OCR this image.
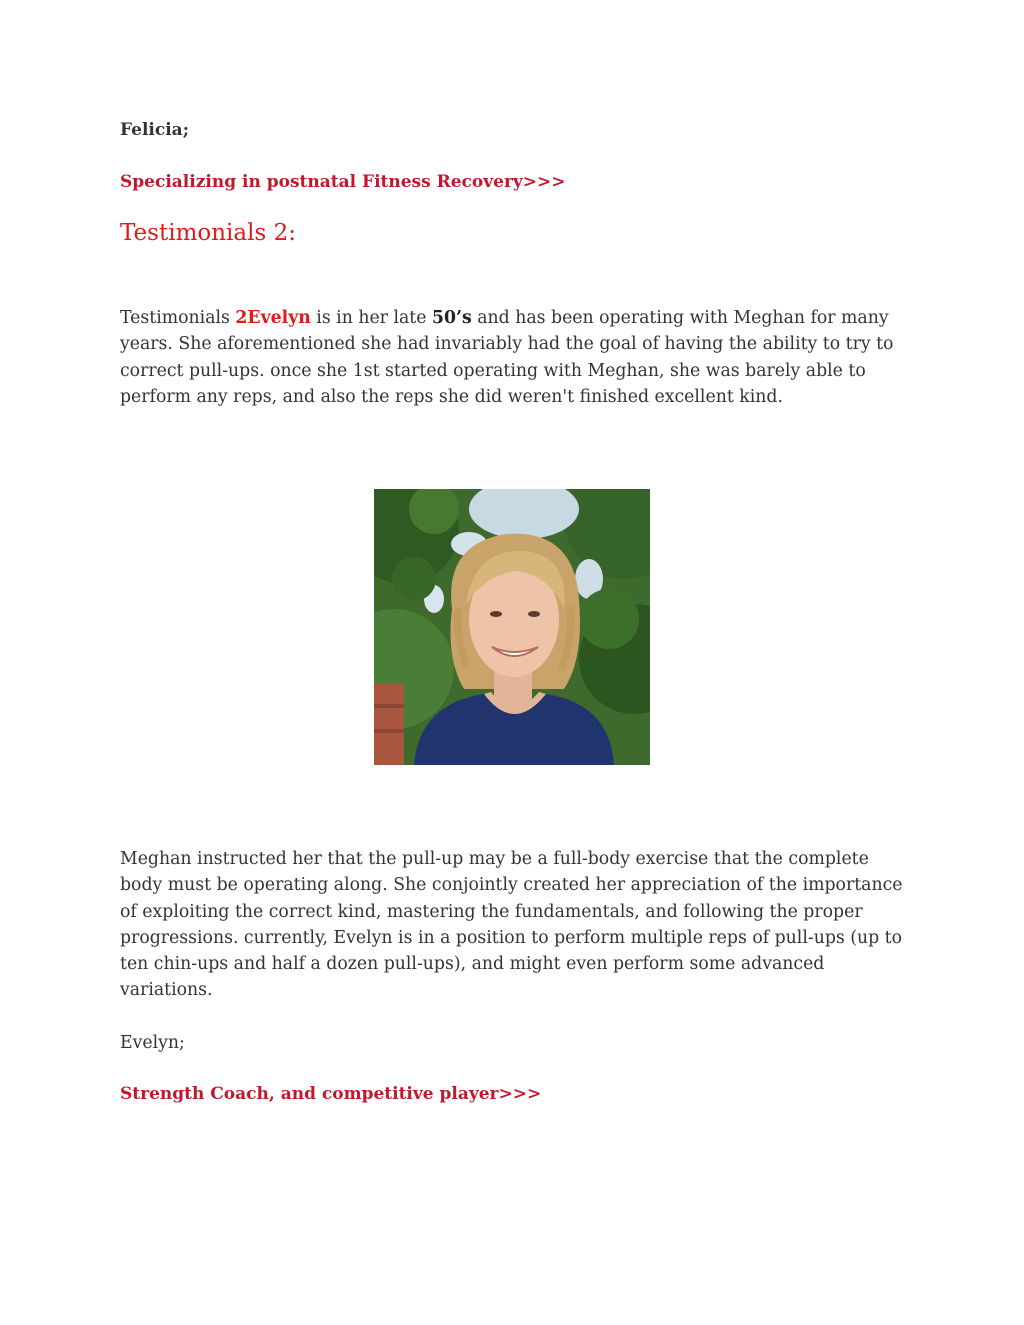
Felicia;
Specializing in postnatal Fitness Recovery>>>
Testimonials 2:

Testimonials 2Evelyn is in her late 50’s and has been operating with Meghan for many years. She aforementioned she had invariably had the goal of having the ability to try to correct pull-ups. once she 1st started operating with Meghan, she was barely able to perform any reps, and also the reps she did weren't finished excellent kind.

Meghan instructed her that the pull-up may be a full-body exercise that the complete body must be operating along. She conjointly created her appreciation of the importance of exploiting the correct kind, mastering the fundamentals, and following the proper progressions. currently, Evelyn is in a position to perform multiple reps of pull-ups (up to ten chin-ups and half a dozen pull-ups), and might even perform some advanced variations.

Evelyn;
Strength Coach, and competitive player>>>
